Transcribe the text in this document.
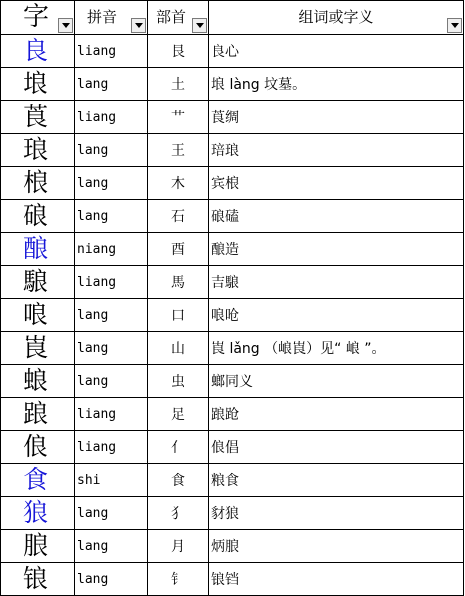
字	拼音	部首	组词或字义

良	liang	艮	良心
埌	lang	土	埌 làng 坟墓。
莨	liang	艹	莨绸
琅	lang	王	琣琅
桹	lang	木	宾桹
硠	lang	石	硠磕
酿	niang	酉	酿造
駺	liang	馬	吉駺
哴	lang	口	哴呛
崀	lang	山	崀 lǎng （㟍崀）见“ 㟍 ”。
蜋	lang	虫	螂同义
踉	liang	足	踉跄
俍	liang	亻	俍倡
食	shi	食	粮食
狼	lang	犭	豺狼
朖	lang	月	炳朖
锒	lang	钅	锒铛
